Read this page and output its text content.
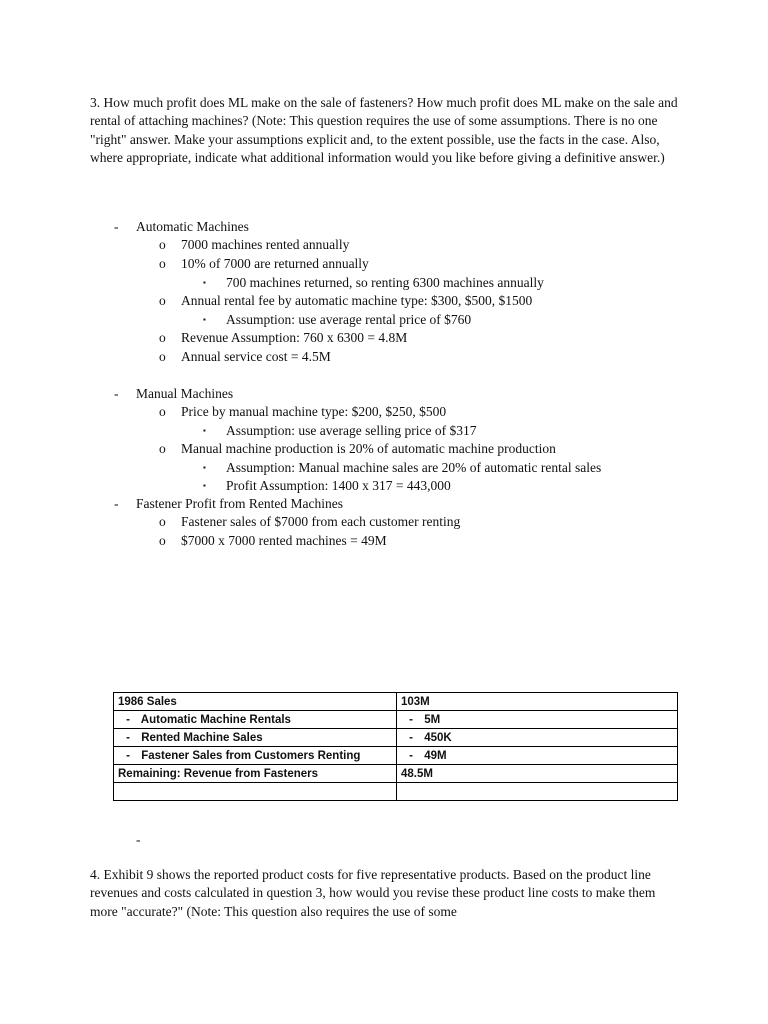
3. How much profit does ML make on the sale of fasteners? How much profit does ML make on the sale and rental of attaching machines? (Note: This question requires the use of some assumptions. There is no one "right" answer. Make your assumptions explicit and, to the extent possible, use the facts in the case. Also, where appropriate, indicate what additional information would you like before giving a definitive answer.)

- Automatic Machines
o 7000 machines rented annually
o 10% of 7000 are returned annually
▪ 700 machines returned, so renting 6300 machines annually
o Annual rental fee by automatic machine type: $300, $500, $1500
▪ Assumption: use average rental price of $760
o Revenue Assumption: 760 x 6300 = 4.8M
o Annual service cost = 4.5M
- Manual Machines
o Price by manual machine type: $200, $250, $500
▪ Assumption: use average selling price of $317
o Manual machine production is 20% of automatic machine production
▪ Assumption: Manual machine sales are 20% of automatic rental sales
▪ Profit Assumption: 1400 x 317 = 443,000
- Fastener Profit from Rented Machines
o Fastener sales of $7000 from each customer renting
o $7000 x 7000 rented machines = 49M
1986 Sales	103M
- Automatic Machine Rentals	- 5M
- Rented Machine Sales	- 450K
- Fastener Sales from Customers Renting	- 49M
Remaining: Revenue from Fasteners	48.5M

-

4. Exhibit 9 shows the reported product costs for five representative products. Based on the product line revenues and costs calculated in question 3, how would you revise these product line costs to make them more "accurate?" (Note: This question also requires the use of some
